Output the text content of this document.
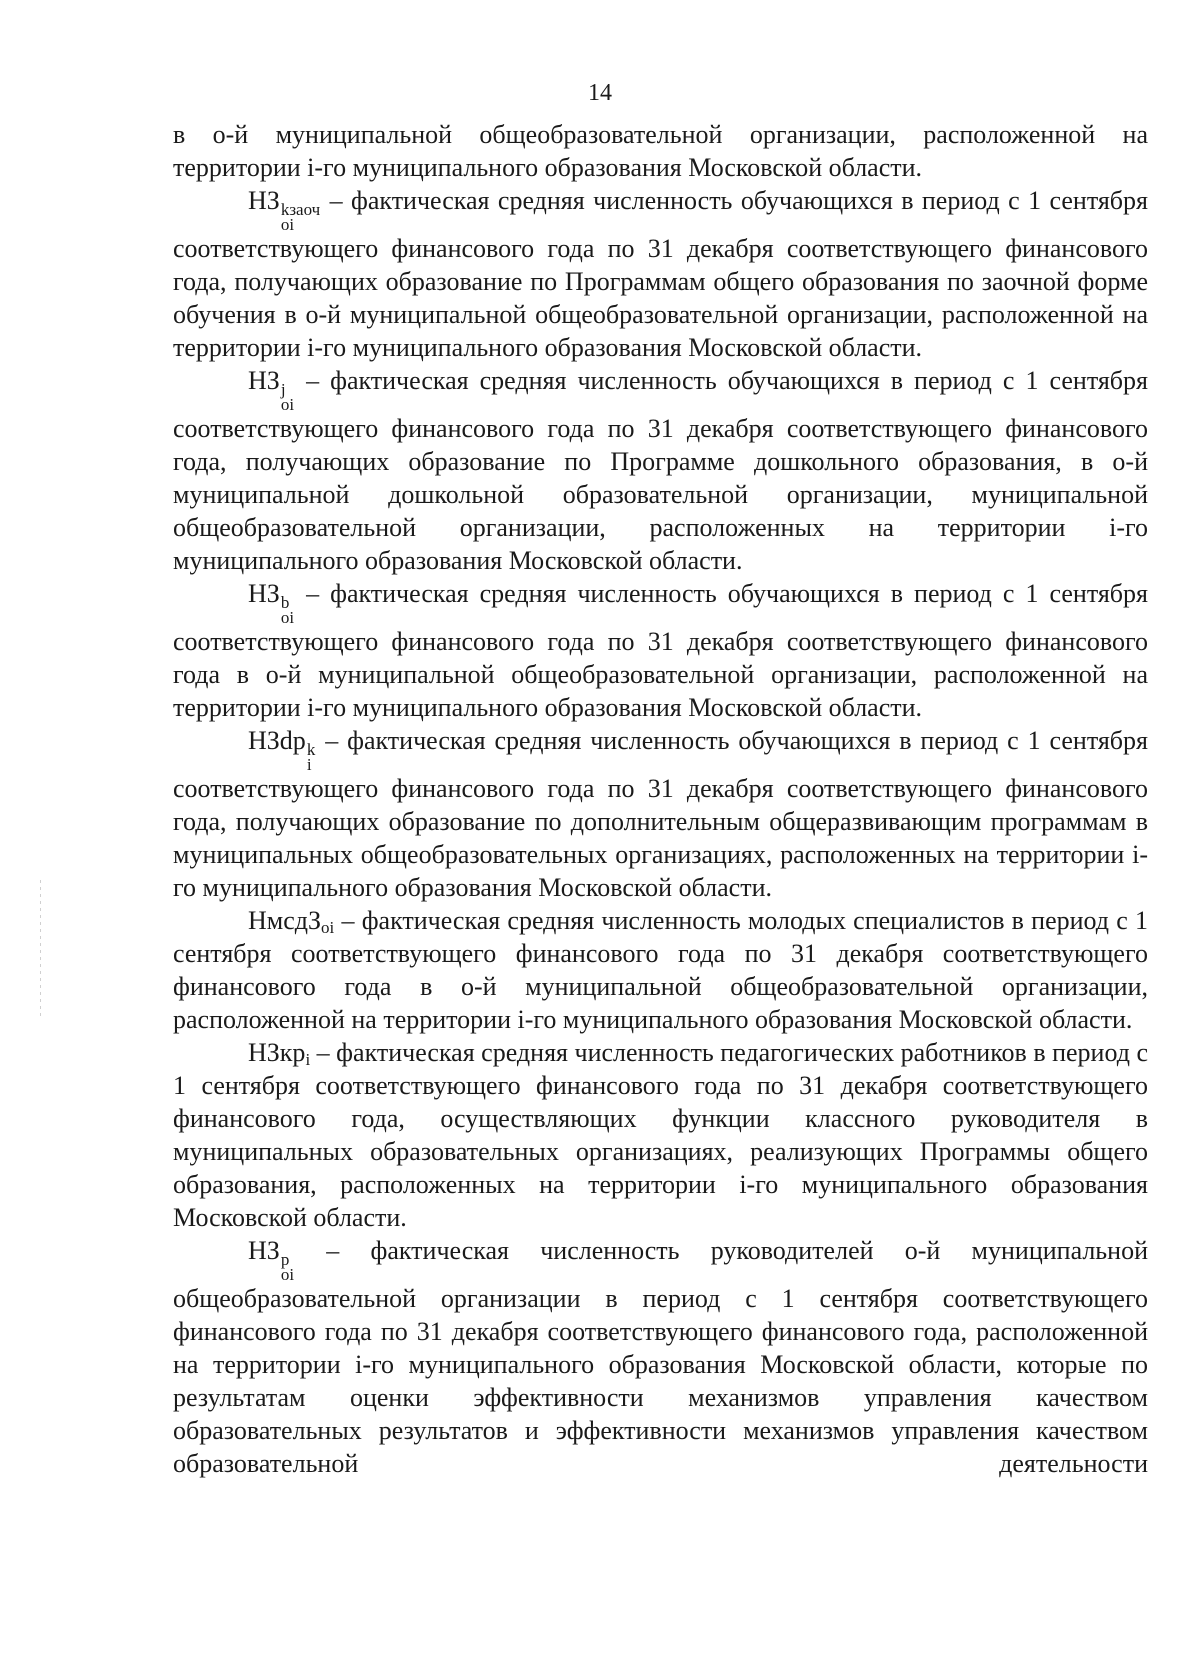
14

в о-й муниципальной общеобразовательной организации, расположенной на территории i-го муниципального образования Московской области.

НЗ kзаоч
oi
– фактическая средняя численность обучающихся в период с 1 сентября соответствующего финансового года по 31 декабря соответствующего финансового года, получающих образование по Программам общего образования по заочной форме обучения в о-й муниципальной общеобразовательной организации, расположенной на территории i-го муниципального образования Московской области.

НЗ j
oi
– фактическая средняя численность обучающихся в период с 1 сентября соответствующего финансового года по 31 декабря соответствующего финансового года, получающих образование по Программе дошкольного образования, в о-й муниципальной дошкольной образовательной организации, муниципальной общеобразовательной организации, расположенных на территории i-го муниципального образования Московской области.

НЗ b
oi
– фактическая средняя численность обучающихся в период с 1 сентября соответствующего финансового года по 31 декабря соответствующего финансового года в о-й муниципальной общеобразовательной организации, расположенной на территории i-го муниципального образования Московской области.

НЗdp k
i
– фактическая средняя численность обучающихся в период с 1 сентября соответствующего финансового года по 31 декабря соответствующего финансового года, получающих образование по дополнительным общеразвивающим программам в муниципальных общеобразовательных организациях, расположенных на территории i-го муниципального образования Московской области.

НмсдЗoi – фактическая средняя численность молодых специалистов в период с 1 сентября соответствующего финансового года по 31 декабря соответствующего финансового года в о-й муниципальной общеобразовательной организации, расположенной на территории i-го муниципального образования Московской области.

НЗкрi – фактическая средняя численность педагогических работников в период с 1 сентября соответствующего финансового года по 31 декабря соответствующего финансового года, осуществляющих функции классного руководителя в муниципальных образовательных организациях, реализующих Программы общего образования, расположенных на территории i-го муниципального образования Московской области.

НЗ p
oi
– фактическая численность руководителей о-й муниципальной общеобразовательной организации в период с 1 сентября соответствующего финансового года по 31 декабря соответствующего финансового года, расположенной на территории i-го муниципального образования Московской области, которые по результатам оценки эффективности механизмов управления качеством образовательных результатов и эффективности механизмов управления качеством образовательной деятельности
